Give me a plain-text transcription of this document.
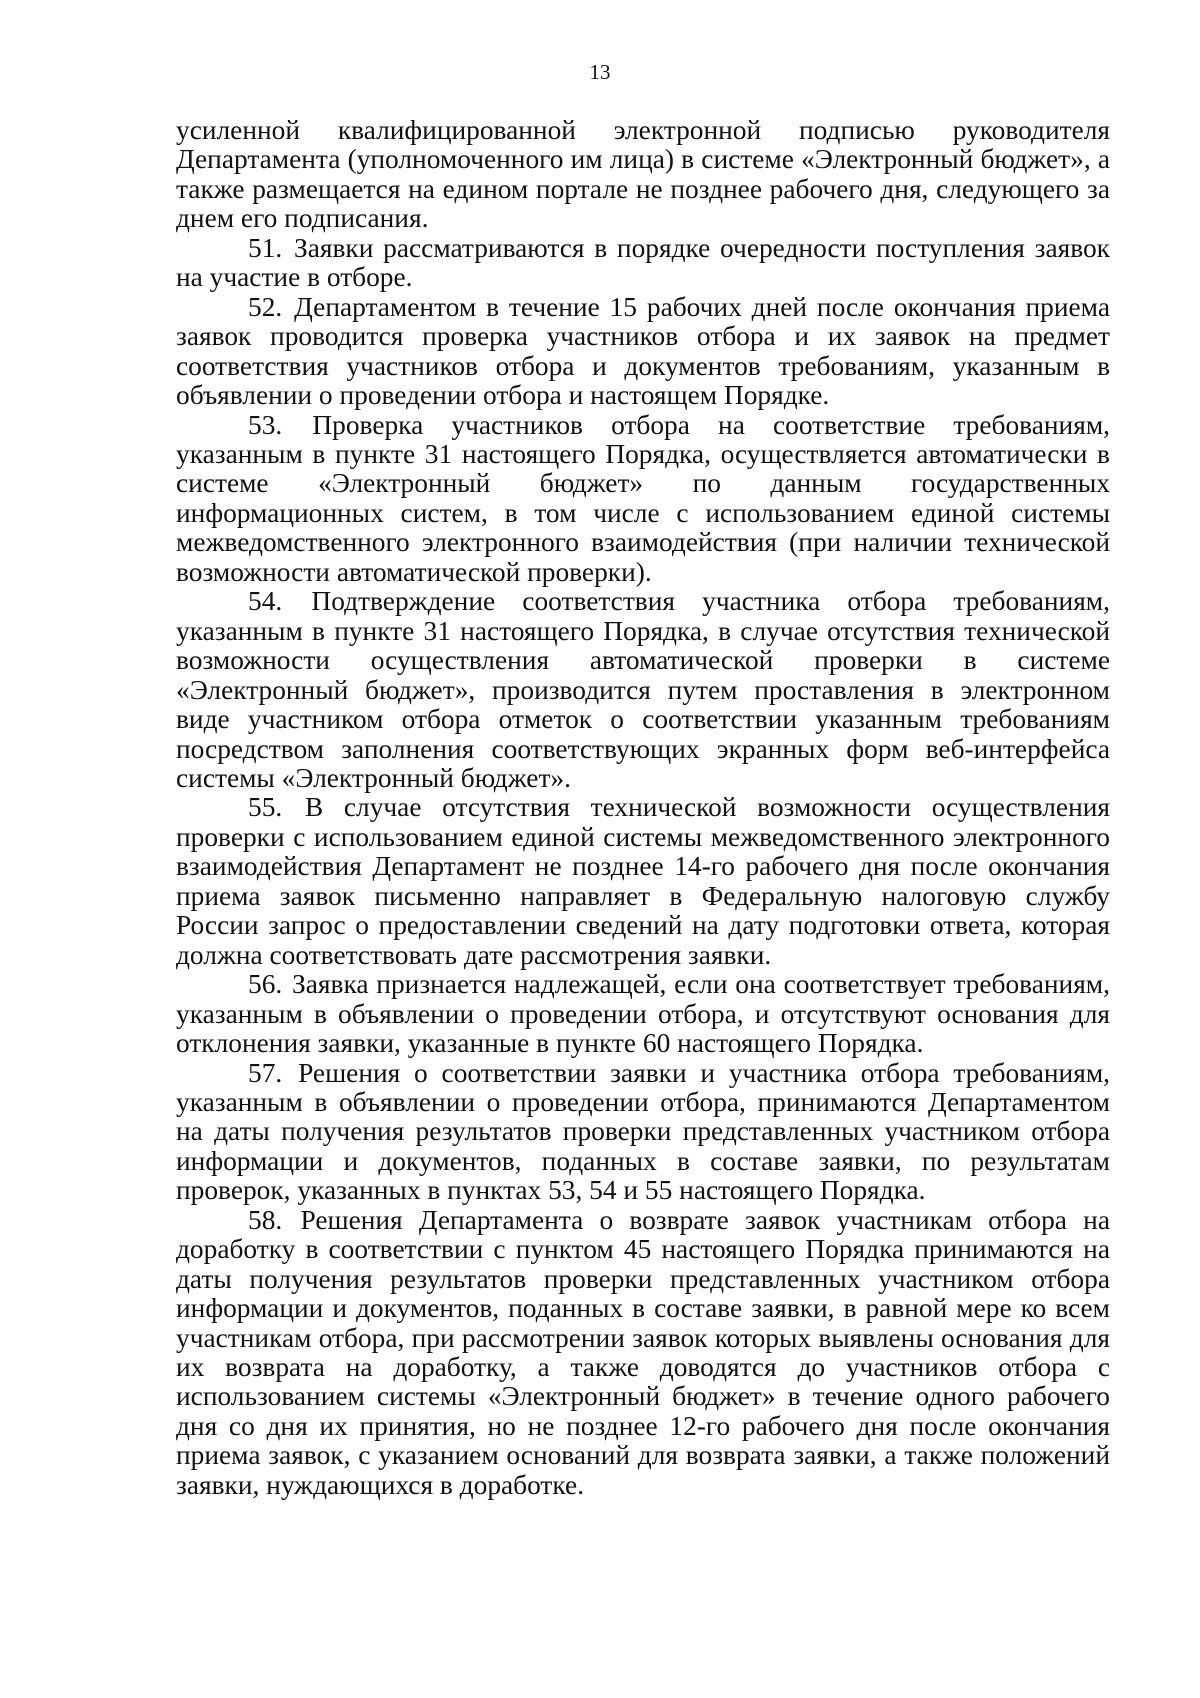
13

усиленной квалифицированной электронной подписью руководителя Департамента (уполномоченного им лица) в системе «Электронный бюджет», а также размещается на едином портале не позднее рабочего дня, следующего за днем его подписания.

51. Заявки рассматриваются в порядке очередности поступления заявок на участие в отборе.

52. Департаментом в течение 15 рабочих дней после окончания приема заявок проводится проверка участников отбора и их заявок на предмет соответствия участников отбора и документов требованиям, указанным в объявлении о проведении отбора и настоящем Порядке.

53. Проверка участников отбора на соответствие требованиям, указанным в пункте 31 настоящего Порядка, осуществляется автоматически в системе «Электронный бюджет» по данным государственных информационных систем, в том числе с использованием единой системы межведомственного электронного взаимодействия (при наличии технической возможности автоматической проверки).

54. Подтверждение соответствия участника отбора требованиям, указанным в пункте 31 настоящего Порядка, в случае отсутствия технической возможности осуществления автоматической проверки в системе «Электронный бюджет», производится путем проставления в электронном виде участником отбора отметок о соответствии указанным требованиям посредством заполнения соответствующих экранных форм веб-интерфейса системы «Электронный бюджет».

55. В случае отсутствия технической возможности осуществления проверки с использованием единой системы межведомственного электронного взаимодействия Департамент не позднее 14-го рабочего дня после окончания приема заявок письменно направляет в Федеральную налоговую службу России запрос о предоставлении сведений на дату подготовки ответа, которая должна соответствовать дате рассмотрения заявки.

56. Заявка признается надлежащей, если она соответствует требованиям, указанным в объявлении о проведении отбора, и отсутствуют основания для отклонения заявки, указанные в пункте 60 настоящего Порядка.

57. Решения о соответствии заявки и участника отбора требованиям, указанным в объявлении о проведении отбора, принимаются Департаментом на даты получения результатов проверки представленных участником отбора информации и документов, поданных в составе заявки, по результатам проверок, указанных в пунктах 53, 54 и 55 настоящего Порядка.

58. Решения Департамента о возврате заявок участникам отбора на доработку в соответствии с пунктом 45 настоящего Порядка принимаются на даты получения результатов проверки представленных участником отбора информации и документов, поданных в составе заявки, в равной мере ко всем участникам отбора, при рассмотрении заявок которых выявлены основания для их возврата на доработку, а также доводятся до участников отбора с использованием системы «Электронный бюджет» в течение одного рабочего дня со дня их принятия, но не позднее 12-го рабочего дня после окончания приема заявок, с указанием оснований для возврата заявки, а также положений заявки, нуждающихся в доработке.
